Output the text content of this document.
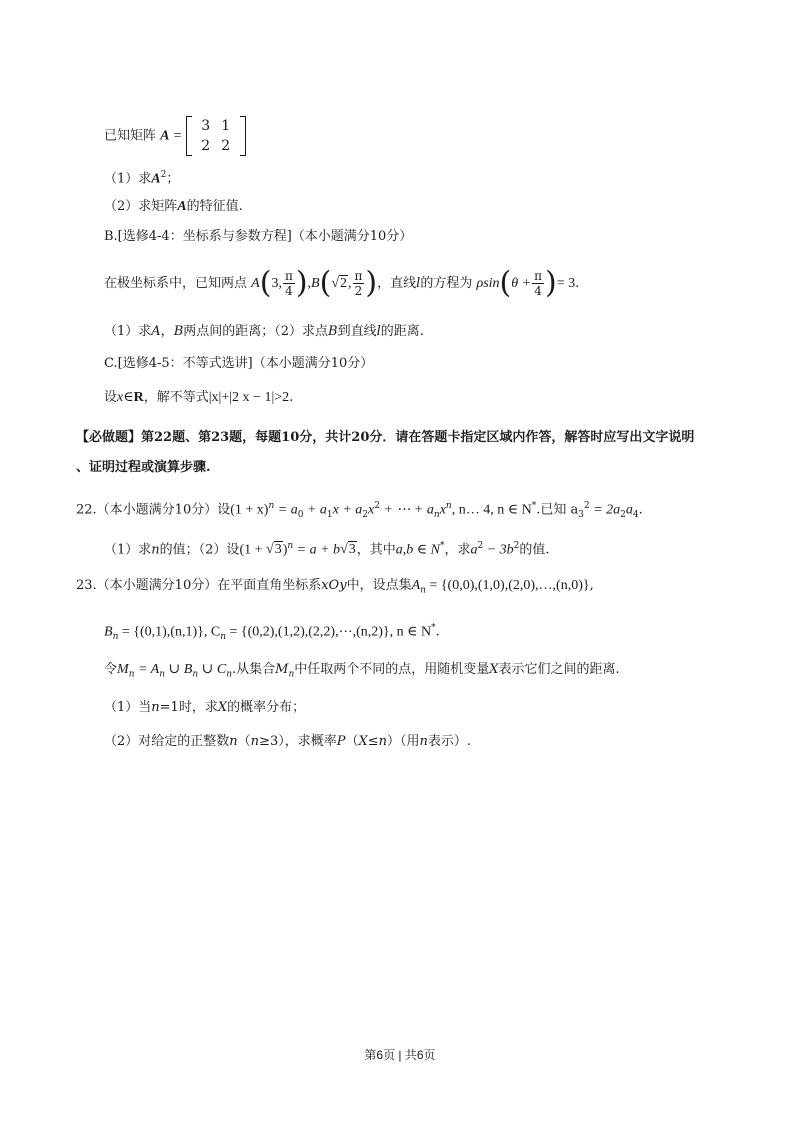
已知矩阵 A =
3 1
2 2
（1）求$A^2$；
（2）求矩阵A的特征值.
B.[选修4-4：坐标系与参数方程]（本小题满分10分）
在极坐标系中，已知两点 A(3, $\frac{\pi}{4} ),B(√2$, $\frac{\pi}{2}$ )，直线l的方程为 $\rho\sin(\theta + \frac{\pi}{4}$ )= 3.
（1）求A，B两点间的距离；（2）求点B到直线l的距离.
C.[选修4-5：不等式选讲]（本小题满分10分）
设x∈R，解不等式|x|+|2 x − 1|>2.
【必做题】第22题、第23题，每题10分，共计20分．请在答题卡指定区域内作答，解答时应写出文字说明
、证明过程或演算步骤.
22.（本小题满分10分）设$(1 + x)^n = a_0 + a_1x + a_2x^2$ + ⋯ + $a_nx^n$, n… 4, n ∈ N*.已知 $a_3^2 = 2a_2a_4$.
（1）求n的值；（2）设$(1 + √3)^n = a + b√3$，其中a,b ∈ N*，求$a^2 - 3b^2$的值.
23.（本小题满分10分）在平面直角坐标系xOy中，设点集$A_n$ = {(0,0),(1,0),(2,0),…,(n,0)},
$B_n = \{(0,1),(n,1)\}$, $C_n$ = {(0,2),(1,2),(2,2),⋯,(n,2)}, n ∈ N*.
令$M_n = A_n$ ∪ $B_n$ ∪ $C_n$.从集合$M_n$中任取两个不同的点，用随机变量X表示它们之间的距离.
（1）当n=1时，求X的概率分布；
（2）对给定的正整数n（n≥3），求概率P（X≤n）（用n表示）.
第6页 | 共6页
